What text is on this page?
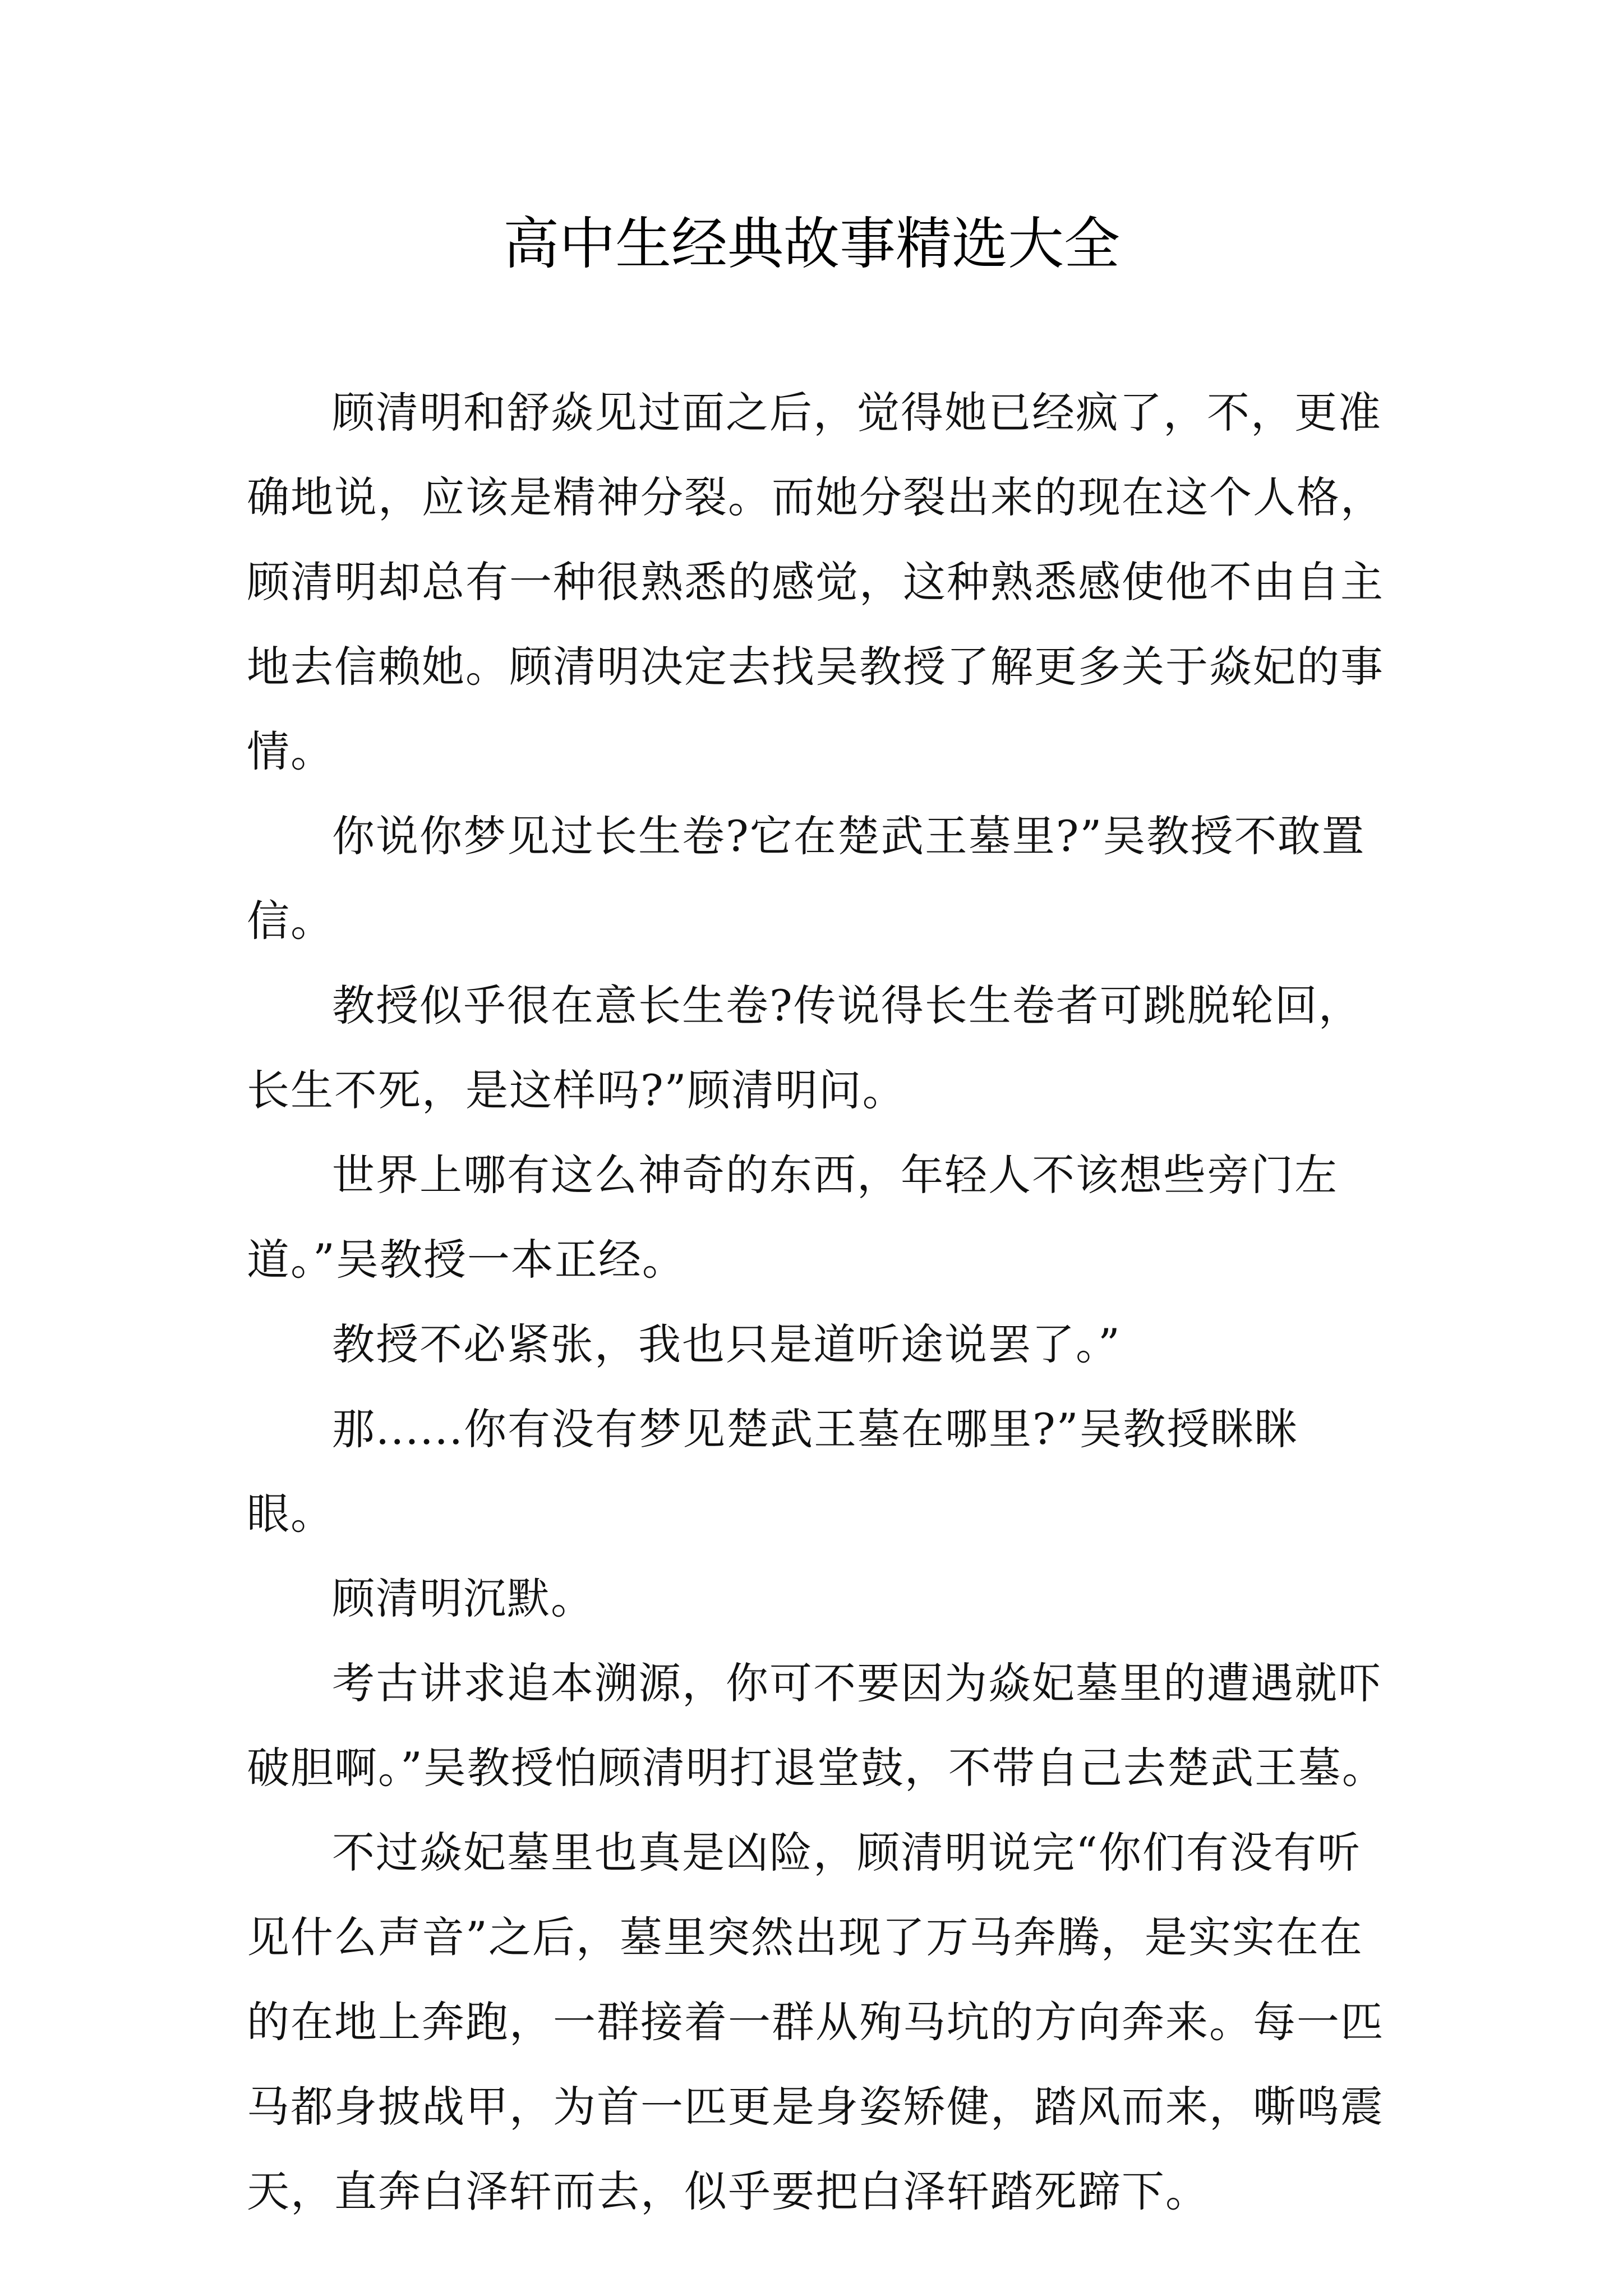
高中生经典故事精选大全

顾清明和舒焱见过面之后，觉得她已经疯了，不，更准
确地说，应该是精神分裂。而她分裂出来的现在这个人格，
顾清明却总有一种很熟悉的感觉，这种熟悉感使他不由自主
地去信赖她。顾清明决定去找吴教授了解更多关于焱妃的事
情。

你说你梦见过长生卷?它在楚武王墓里?”吴教授不敢置
信。

教授似乎很在意长生卷?传说得长生卷者可跳脱轮回，
长生不死，是这样吗?”顾清明问。

世界上哪有这么神奇的东西，年轻人不该想些旁门左
道。”吴教授一本正经。

教授不必紧张，我也只是道听途说罢了。”

那......你有没有梦见楚武王墓在哪里?”吴教授眯眯
眼。

顾清明沉默。

考古讲求追本溯源，你可不要因为焱妃墓里的遭遇就吓
破胆啊。”吴教授怕顾清明打退堂鼓，不带自己去楚武王墓。

不过焱妃墓里也真是凶险，顾清明说完“你们有没有听
见什么声音”之后，墓里突然出现了万马奔腾，是实实在在
的在地上奔跑，一群接着一群从殉马坑的方向奔来。每一匹
马都身披战甲，为首一匹更是身姿矫健，踏风而来，嘶鸣震
天，直奔白泽轩而去，似乎要把白泽轩踏死蹄下。
